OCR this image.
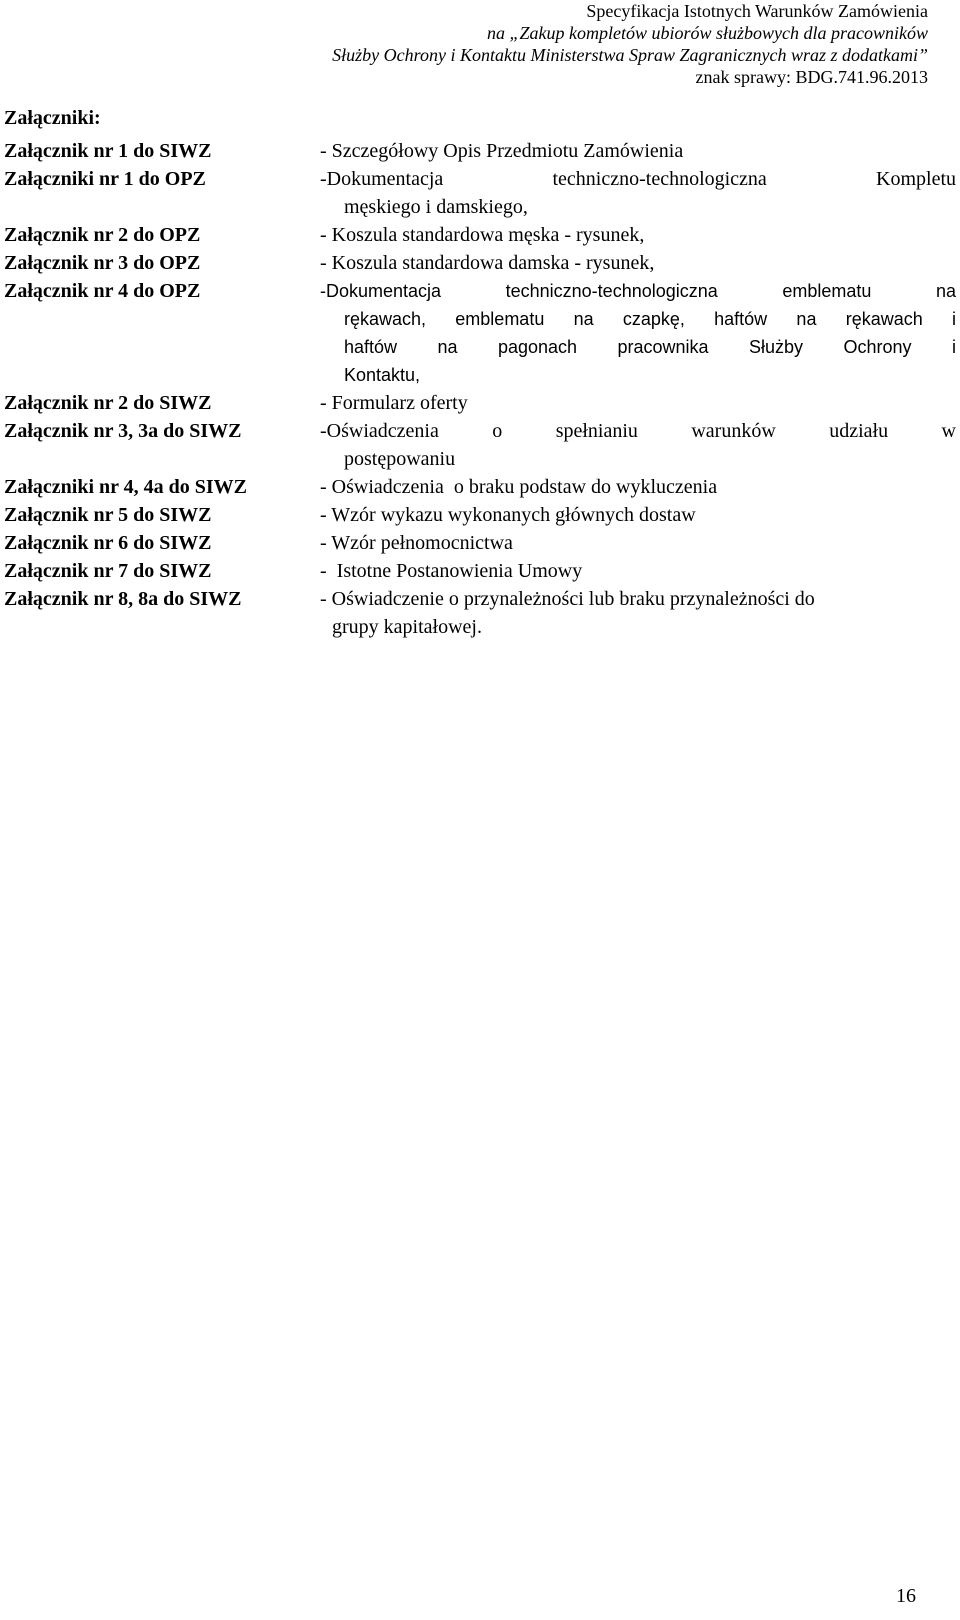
Specyfikacja Istotnych Warunków Zamówienia
na „Zakup kompletów ubiorów służbowych dla pracowników
Służby Ochrony i Kontaktu Ministerstwa Spraw Zagranicznych wraz z dodatkami”
znak sprawy: BDG.741.96.2013
Załączniki:
Załącznik nr 1 do SIWZ	- Szczegółowy Opis Przedmiotu Zamówienia
Załączniki nr 1 do OPZ	-Dokumentacja techniczno-technologiczna Kompletu
męskiego i damskiego,
Załącznik nr 2 do OPZ	- Koszula standardowa męska - rysunek,
Załącznik nr 3 do OPZ	- Koszula standardowa damska - rysunek,
Załącznik nr 4 do OPZ	-Dokumentacja techniczno-technologiczna emblematu na
rękawach, emblematu na czapkę, haftów na rękawach i
haftów na pagonach pracownika Służby Ochrony i
Kontaktu,
Załącznik nr 2 do SIWZ	- Formularz oferty
Załącznik nr 3, 3a do SIWZ	-Oświadczenia o spełnianiu warunków udziału w
postępowaniu
Załączniki nr 4, 4a do SIWZ	- Oświadczenia  o braku podstaw do wykluczenia
Załącznik nr 5 do SIWZ	- Wzór wykazu wykonanych głównych dostaw
Załącznik nr 6 do SIWZ	- Wzór pełnomocnictwa
Załącznik nr 7 do SIWZ	-  Istotne Postanowienia Umowy
Załącznik nr 8, 8a do SIWZ	- Oświadczenie o przynależności lub braku przynależności do
grupy kapitałowej.
16
